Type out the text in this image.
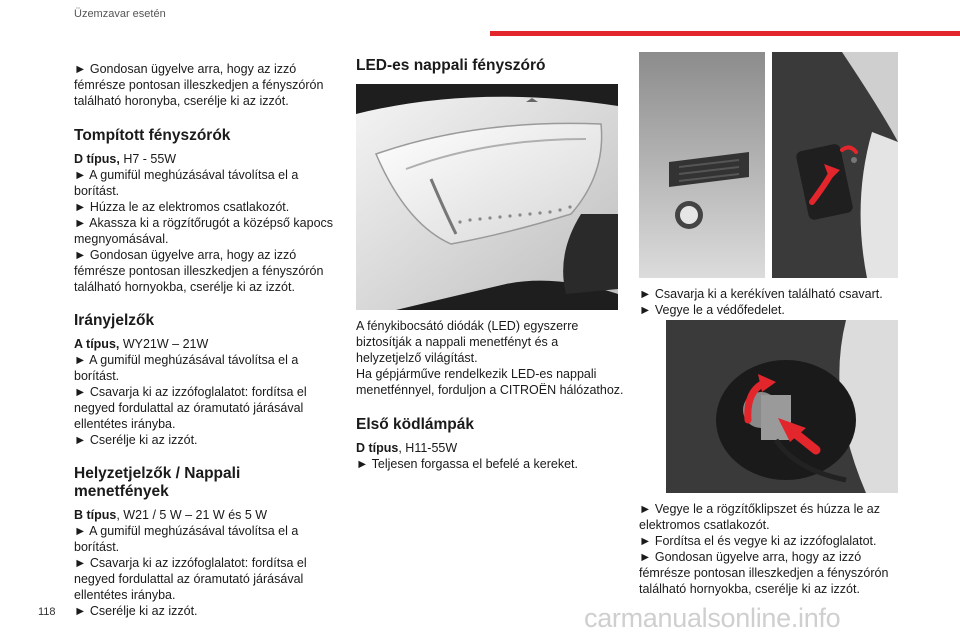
Üzemzavar esetén

► Gondosan ügyelve arra, hogy az izzó fémrésze pontosan illeszkedjen a fényszórón található horonyba, cserélje ki az izzót.

Tompított fényszórók

D típus, H7 - 55W

► A gumifül meghúzásával távolítsa el a borítást.

► Húzza le az elektromos csatlakozót.

► Akassza ki a rögzítőrugót a középső kapocs megnyomásával.

► Gondosan ügyelve arra, hogy az izzó fémrésze pontosan illeszkedjen a fényszórón található hornyokba, cserélje ki az izzót.

Irányjelzők

A típus, WY21W – 21W

► A gumifül meghúzásával távolítsa el a borítást.

► Csavarja ki az izzófoglalatot: fordítsa el negyed fordulattal az óramutató járásával ellentétes irányba.

► Cserélje ki az izzót.

Helyzetjelzők / Nappali menetfények

B típus, W21 / 5 W – 21 W és 5 W

► A gumifül meghúzásával távolítsa el a borítást.

► Csavarja ki az izzófoglalatot: fordítsa el negyed fordulattal az óramutató járásával ellentétes irányba.

► Cserélje ki az izzót.

LED-es nappali fényszóró

A fénykibocsátó diódák (LED) egyszerre biztosítják a nappali menetfényt és a helyzetjelző világítást.

Ha gépjárműve rendelkezik LED-es nappali menetfénnyel, forduljon a CITROËN hálózathoz.

Első ködlámpák

D típus, H11-55W

► Teljesen forgassa el befelé a kereket.

► Csavarja ki a kerékíven található csavart.

► Vegye le a védőfedelet.

► Vegye le a rögzítőklipszet és húzza le az elektromos csatlakozót.

► Fordítsa el és vegye ki az izzófoglalatot.

► Gondosan ügyelve arra, hogy az izzó fémrésze pontosan illeszkedjen a fényszórón található hornyokba, cserélje ki az izzót.

118	carmanualsonline.info
